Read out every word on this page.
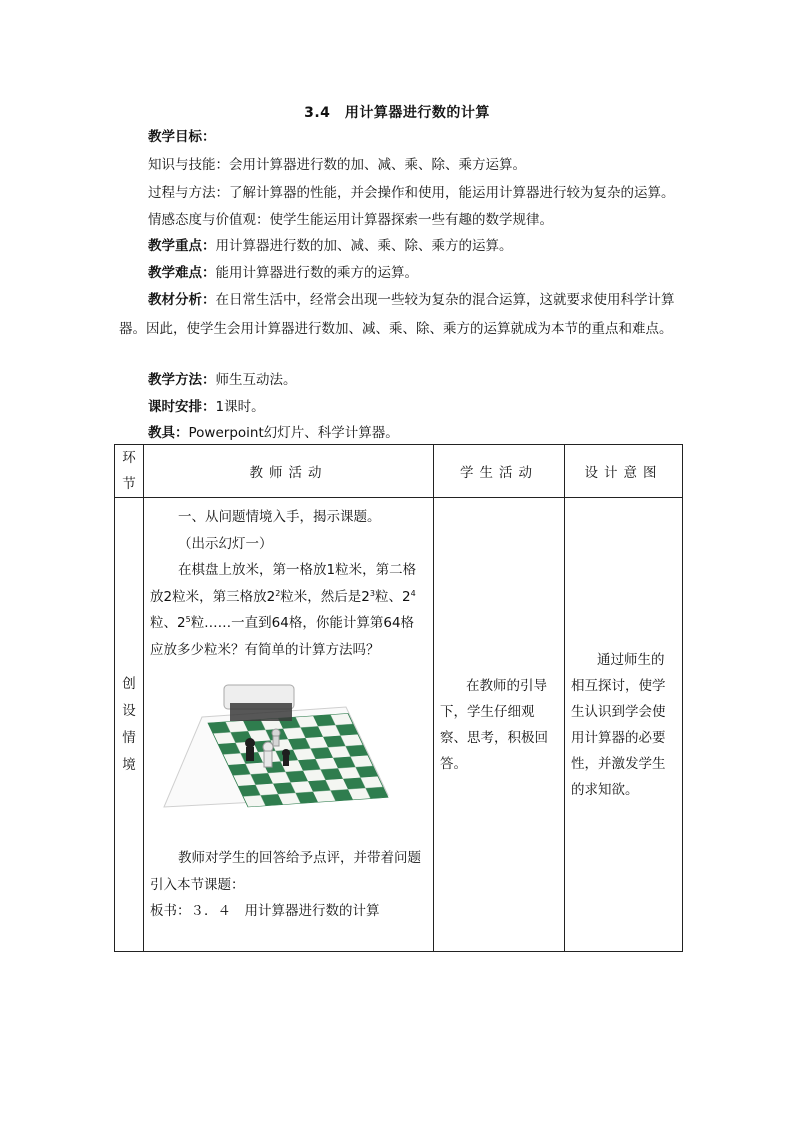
3.4　用计算器进行数的计算
教学目标：
知识与技能：会用计算器进行数的加、减、乘、除、乘方运算。
过程与方法：了解计算器的性能，并会操作和使用，能运用计算器进行较为复杂的运算。
情感态度与价值观：使学生能运用计算器探索一些有趣的数学规律。
教学重点：用计算器进行数的加、减、乘、除、乘方的运算。
教学难点：能用计算器进行数的乘方的运算。
教材分析：在日常生活中，经常会出现一些较为复杂的混合运算，这就要求使用科学计算器。因此，使学生会用计算器进行数加、减、乘、除、乘方的运算就成为本节的重点和难点。
教学方法：师生互动法。
课时安排：1课时。
教具：Powerpoint幻灯片、科学计算器。
环节	教师活动	学生活动	设计意图

创设情境	一、从问题情境入手，揭示课题。

（出示幻灯一）

在棋盘上放米，第一格放1粒米，第二格放2粒米，第三格放$2^2$粒米，然后是$2^3$粒、$2^4$粒、$2^5$粒……一直到64格，你能计算第64格应放多少粒米？有简单的计算方法吗？

教师对学生的回答给予点评，并带着问题引入本节课题：

板书：３．４　用计算器进行数的计算	在教师的引导下，学生仔细观察、思考，积极回答。	通过师生的相互探讨，使学生认识到学会使用计算器的必要性，并激发学生的求知欲。
